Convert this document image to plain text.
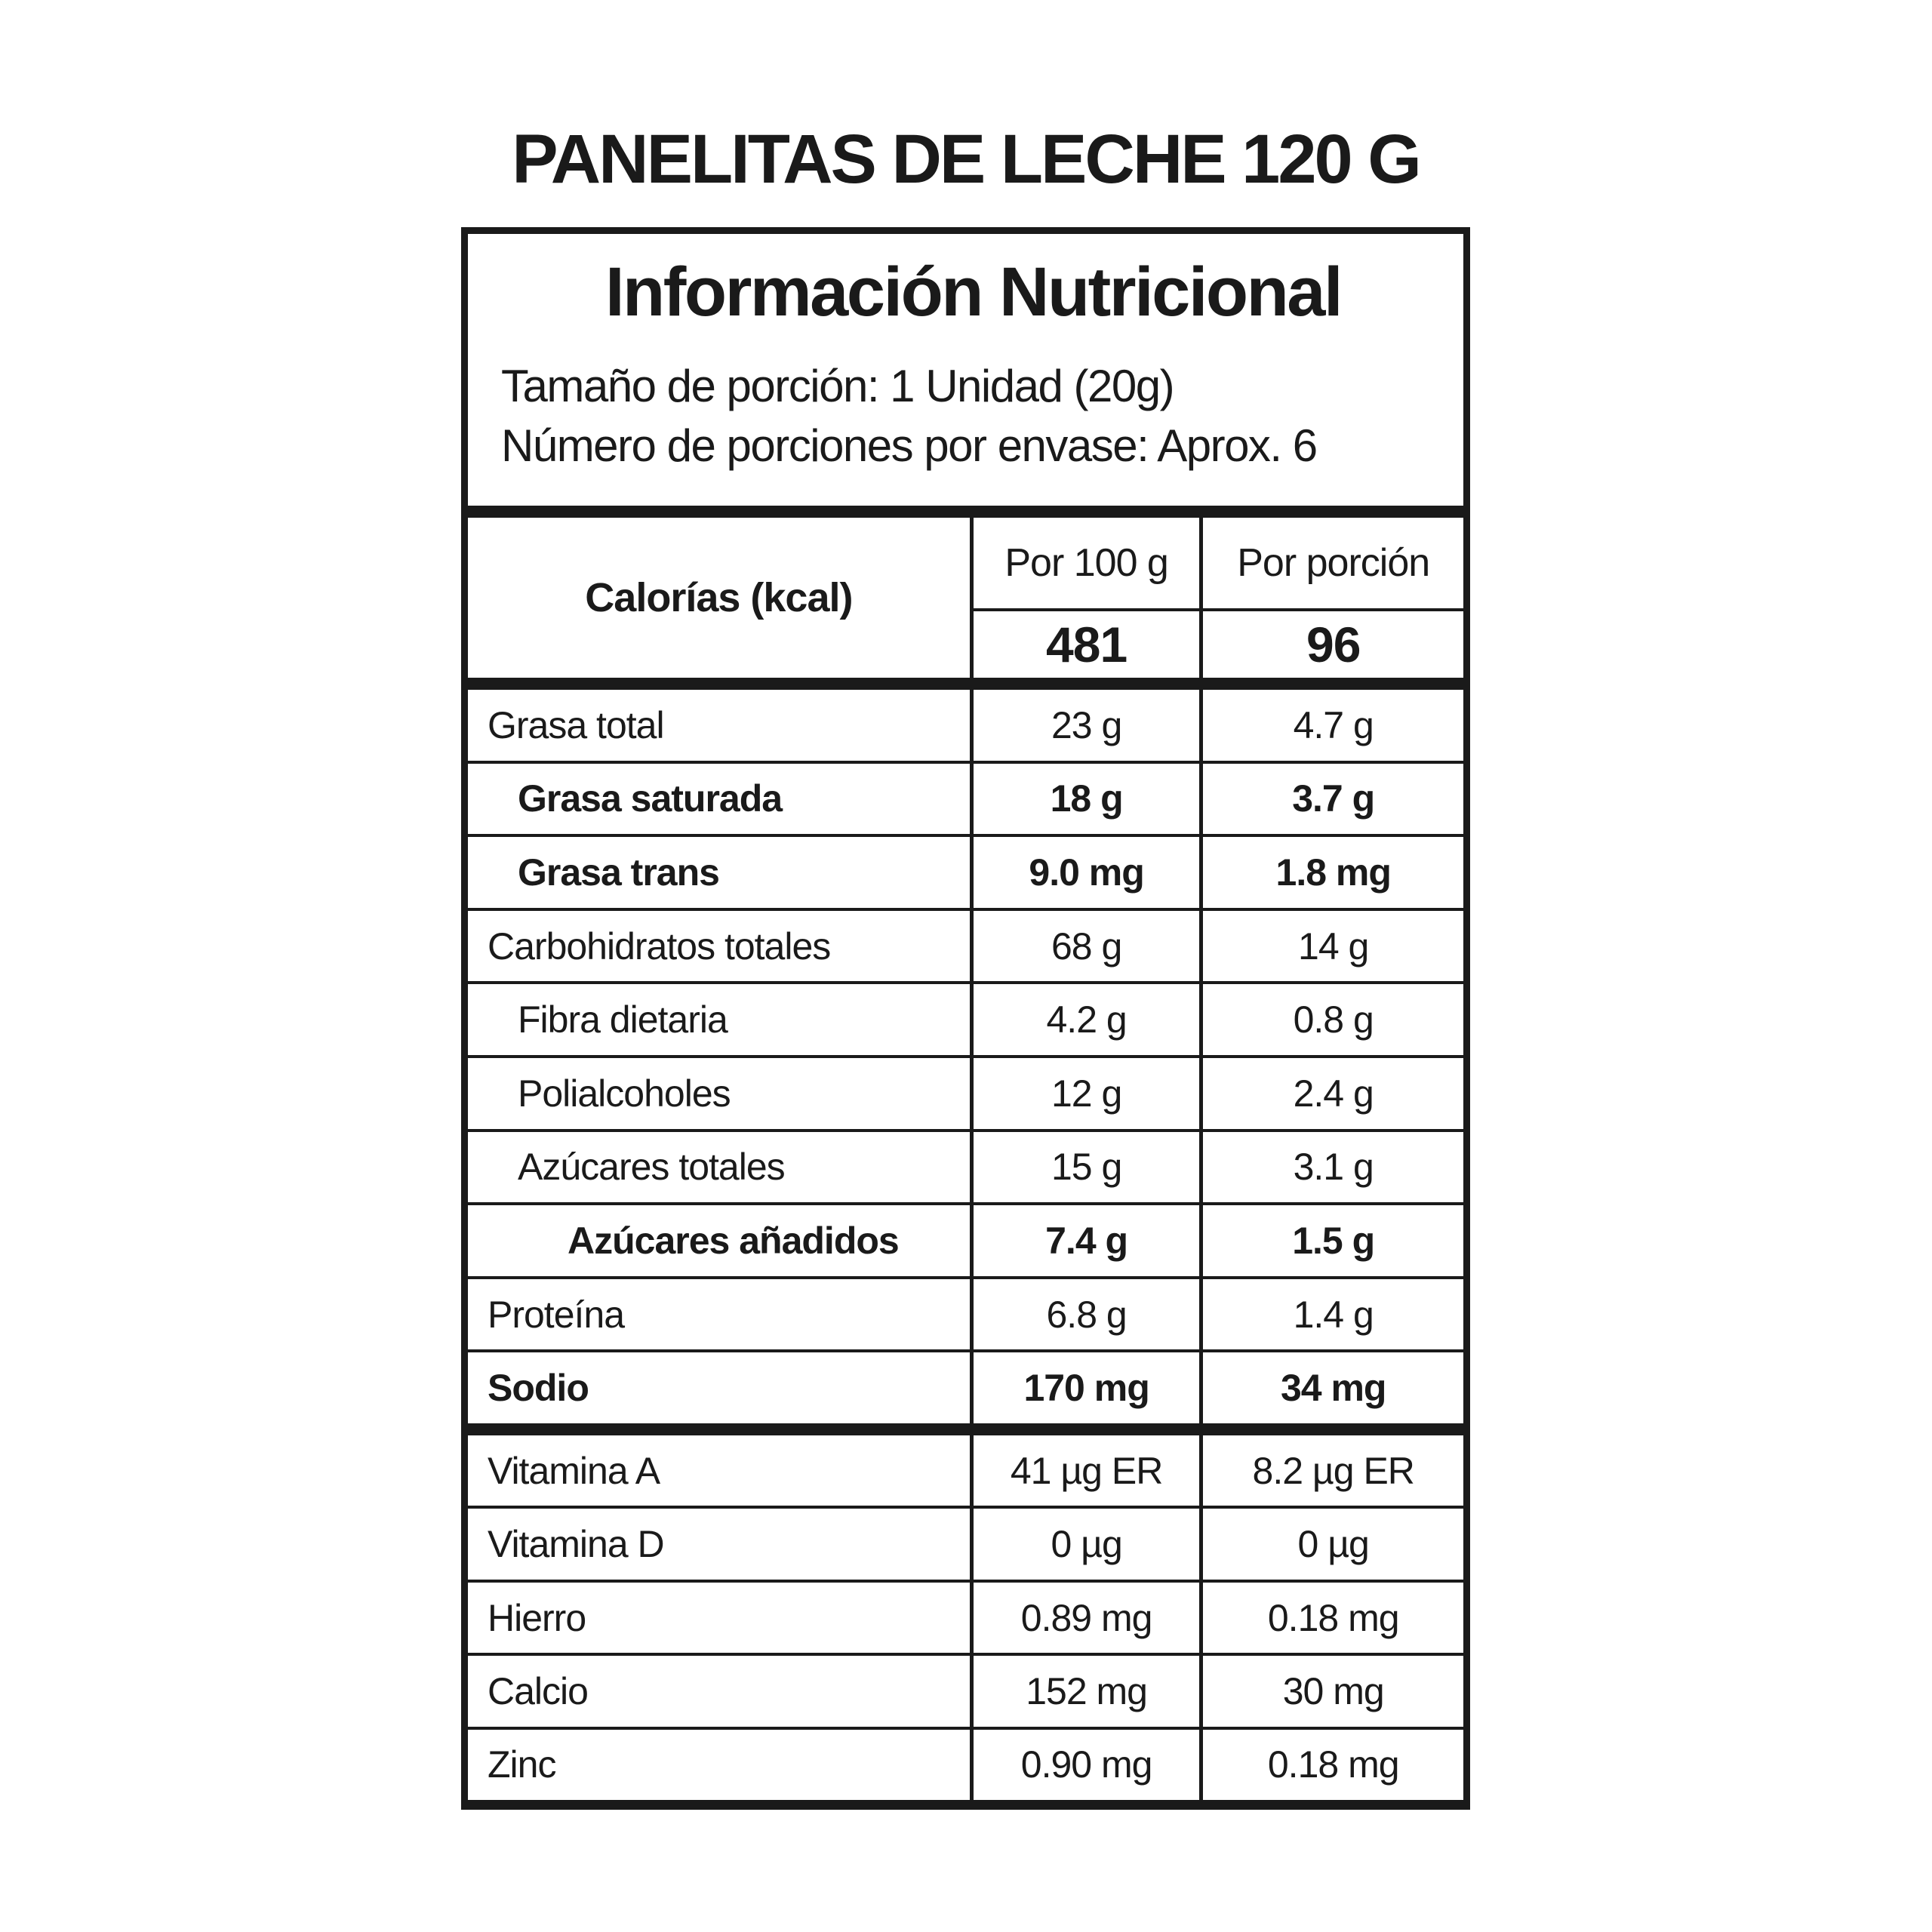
PANELITAS DE LECHE 120 G
Información Nutricional
Tamaño de porción: 1 Unidad (20g)
Número de porciones por envase: Aprox. 6
Calorías (kcal)
Por 100 g	Por porción
481	96
Grasa total	23 g	4.7 g
Grasa saturada	18 g	3.7 g
Grasa trans	9.0 mg	1.8 mg
Carbohidratos totales	68 g	14 g
Fibra dietaria	4.2 g	0.8 g
Polialcoholes	12 g	2.4 g
Azúcares totales	15 g	3.1 g
Azúcares añadidos	7.4 g	1.5 g
Proteína	6.8 g	1.4 g
Sodio	170 mg	34 mg
Vitamina A	41 µg ER	8.2 µg ER
Vitamina D	0 µg	0 µg
Hierro	0.89 mg	0.18 mg
Calcio	152 mg	30 mg
Zinc	0.90 mg	0.18 mg
